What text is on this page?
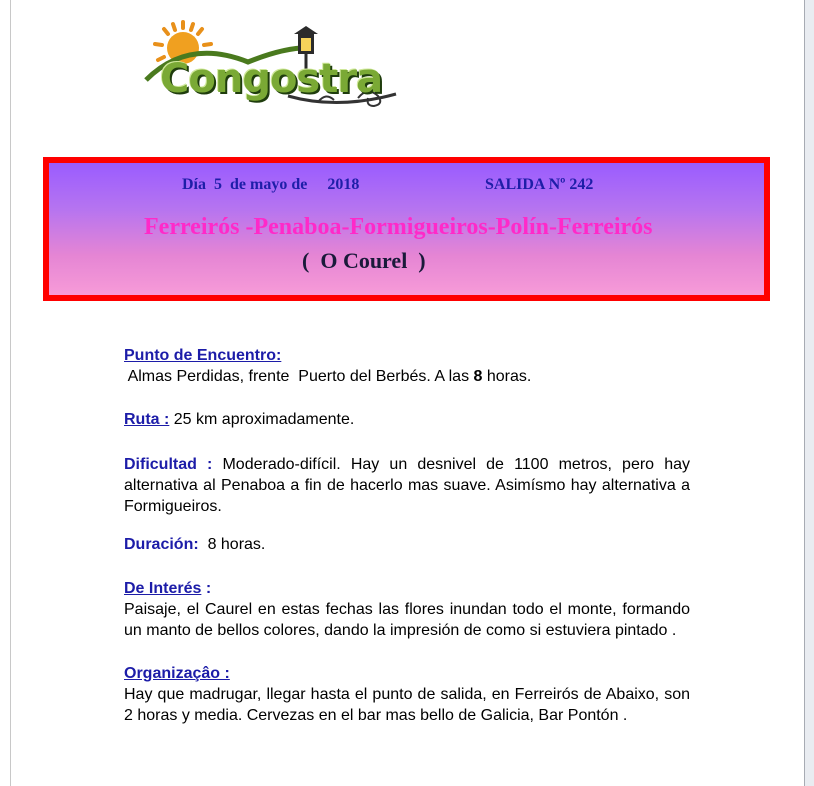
Congostra
Día  5  de mayo de     2018	SALIDA Nº 242
Ferreirós -Penaboa-Formigueiros-Polín-Ferreirós
(  O Courel  )

Punto de Encuentro:

Almas Perdidas, frente  Puerto del Berbés. A las 8 horas.

Ruta : 25 km aproximadamente.

Dificultad : Moderado-difícil. Hay un desnivel de 1100 metros, pero hay alternativa al Penaboa a fin de hacerlo mas suave. Asimísmo hay alternativa a Formigueiros.

Duración:  8 horas.

De Interés :

Paisaje, el Caurel en estas fechas las flores inundan todo el monte, formando un manto de bellos colores, dando la impresión de como si estuviera pintado .

Organizaçâo :

Hay que madrugar, llegar hasta el punto de salida, en Ferreirós de Abaixo, son 2 horas y media. Cervezas en el bar mas bello de Galicia, Bar Pontón .
